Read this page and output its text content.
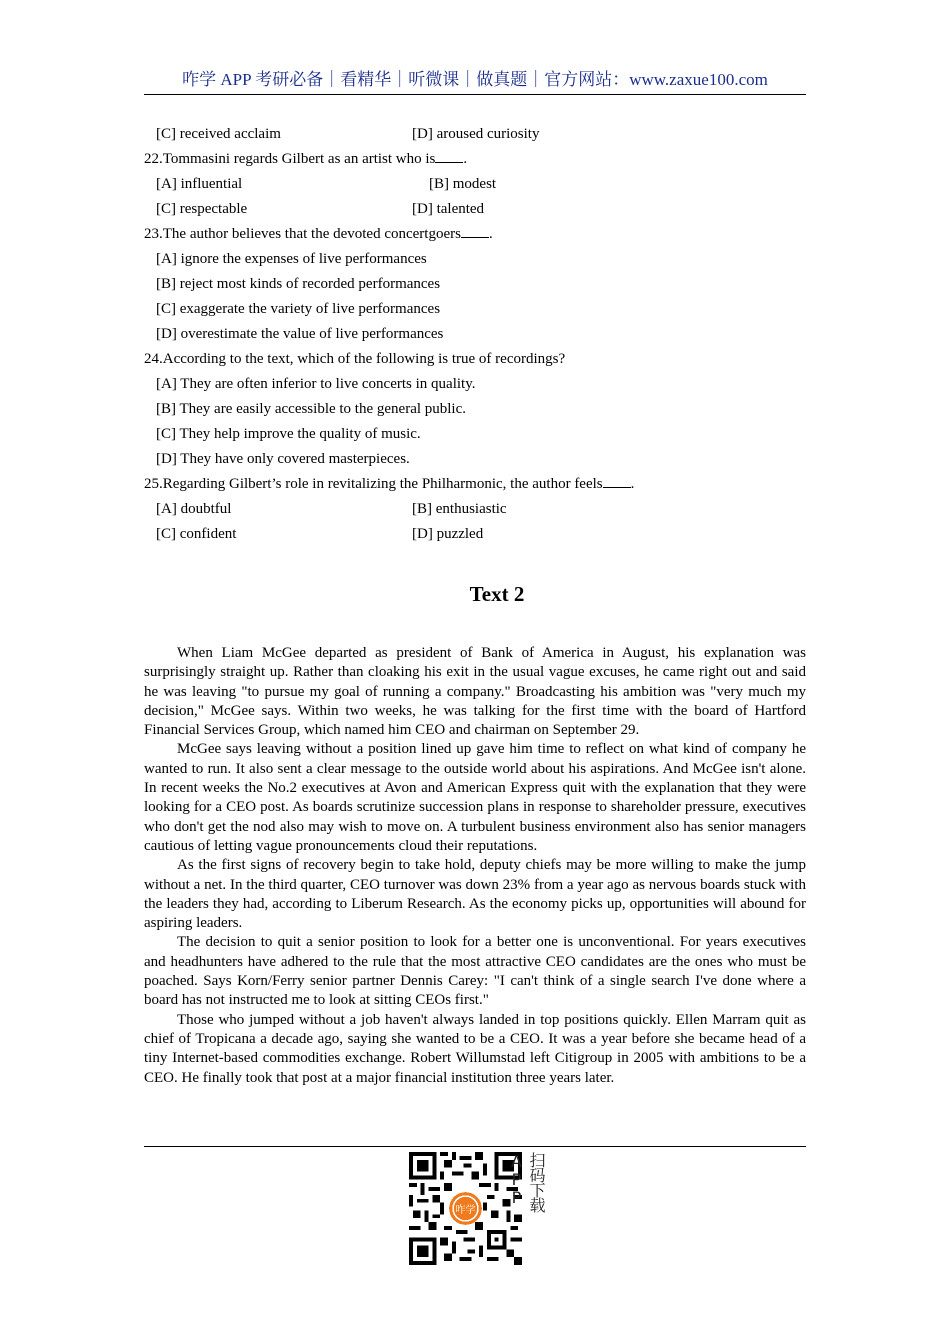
咋学 APP 考研必备｜看精华｜听微课｜做真题｜官方网站：www.zaxue100.com
[C] received acclaim	[D] aroused curiosity
22.Tommasini regards Gilbert as an artist who is .
[A] influential	[B] modest
[C] respectable	[D] talented
23.The author believes that the devoted concertgoers .
[A] ignore the expenses of live performances
[B] reject most kinds of recorded performances
[C] exaggerate the variety of live performances
[D] overestimate the value of live performances
24.According to the text, which of the following is true of recordings?
[A] They are often inferior to live concerts in quality.
[B] They are easily accessible to the general public.
[C] They help improve the quality of music.
[D] They have only covered masterpieces.
25.Regarding Gilbert’s role in revitalizing the Philharmonic, the author feels .
[A] doubtful	[B] enthusiastic
[C] confident	[D] puzzled
Text 2

When Liam McGee departed as president of Bank of America in August, his explanation was surprisingly straight up. Rather than cloaking his exit in the usual vague excuses, he came right out and said he was leaving "to pursue my goal of running a company." Broadcasting his ambition was "very much my decision," McGee says. Within two weeks, he was talking for the first time with the board of Hartford Financial Services Group, which named him CEO and chairman on September 29.

McGee says leaving without a position lined up gave him time to reflect on what kind of company he wanted to run. It also sent a clear message to the outside world about his aspirations. And McGee isn't alone. In recent weeks the No.2 executives at Avon and American Express quit with the explanation that they were looking for a CEO post. As boards scrutinize succession plans in response to shareholder pressure, executives who don't get the nod also may wish to move on. A turbulent business environment also has senior managers cautious of letting vague pronouncements cloud their reputations.

As the first signs of recovery begin to take hold, deputy chiefs may be more willing to make the jump without a net. In the third quarter, CEO turnover was down 23% from a year ago as nervous boards stuck with the leaders they had, according to Liberum Research. As the economy picks up, opportunities will abound for aspiring leaders.

The decision to quit a senior position to look for a better one is unconventional. For years executives and headhunters have adhered to the rule that the most attractive CEO candidates are the ones who must be poached. Says Korn/Ferry senior partner Dennis Carey: "I can't think of a single search I've done where a board has not instructed me to look at sitting CEOs first."

Those who jumped without a job haven't always landed in top positions quickly. Ellen Marram quit as chief of Tropicana a decade ago, saying she wanted to be a CEO. It was a year before she became head of a tiny Internet-based commodities exchange. Robert Willumstad left Citigroup in 2005 with ambitions to be a CEO. He finally took that post at a major financial institution three years later.

咋学	扫码下载APP
